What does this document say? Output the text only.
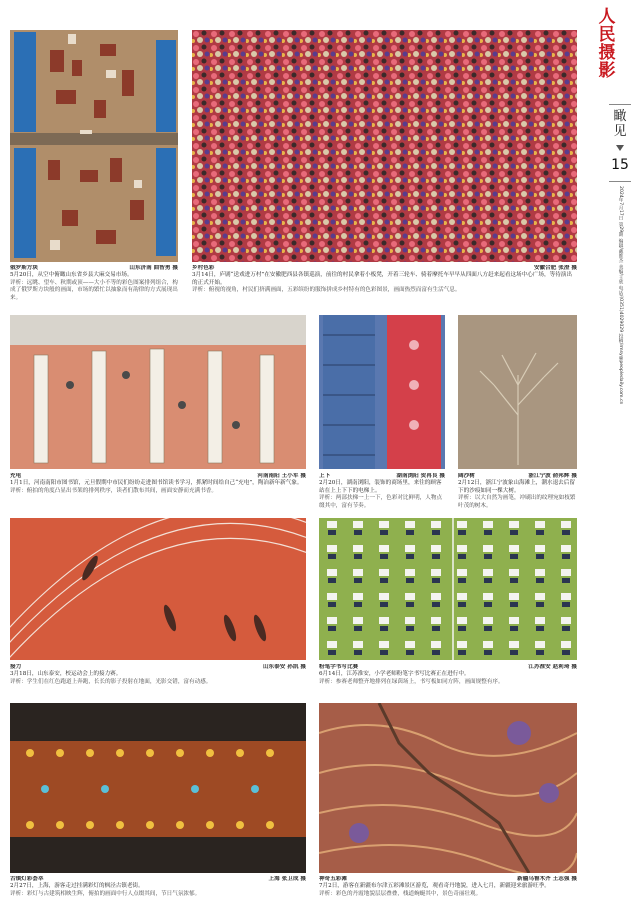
人
民
摄
影
瞰见
15
2024年7月17日 第29期 编辑/戴维杰 美编/王欣 电话/(0351)4029029 投稿/rmsy@peopledaily.com.cn
俄罗斯方块	山东济南 曲智勇 摄

5月20日，从空中俯瞰山东省乡县大麻交易市场。

评析：远眺、望车、秋期或顶——大小不等的彩色图案排列组合，构成了俄罗斯方块般的画面，市场的繁忙以抽象而有韵律的方式展现出来。

乡村色彩	安徽合肥 张澄 摄

3月14日，庐剧“送戏进万村”在安徽肥西县各镇巡演，前往的村民拿着小板凳，开着三轮车、骑着摩托车早早从四面八方赶来起看这场中心广场，等待演出的正式开始。

评析：俯视的视角，村民们挤满画面，五彩缤纷的服饰拼成乡村特有的色彩图景，画面热烈而富有生活气息。

充电	河南南阳 王小军 摄

1月1日，河南南阳市图书馆，元旦假期中市民们纷纷走进图书馆读书学习，抓紧时间给自己“充电”，陶冶新年新气象。

评析：俯拍的角度凸显出书架的排列秩序，读者们散布其间，画面安静而充满书香。

上下	湖南浏阳 贺再良 摄

2月20日，湖南浏阳，装饰的商场里，来往的顾客站在上上下下的电梯上。

评析：两部扶梯一上一下，色彩对比鲜明，人物点缀其中，富有节奏。

阔沙树	浙江宁波 俞邦辉 摄

2月12日，浙江宁波象山海滩上，潮水退去后留下的沙痕如同一棵大树。

评析：以大自然为画笔，冲刷出的纹理宛如枝繁叶茂的树木。

接力	山东泰安 孙凯 摄

3月18日，山东泰安，校运动会上的接力赛。

评析：学生们在红色跑道上奔跑，长长的影子投射在地面，光影交错，富有动感。

粉笔字书写比赛	江苏淮安 赵莉琦 摄

6月14日，江苏淮安，小学老师粉笔字书写比赛正在进行中。

评析：参赛老师整齐地排列在绿茵场上，书写板如同方阵，画面规整有序。

古镇灯彩荟萃	上海 张卫成 摄

2月27日，上海，游客走过挂满彩灯的枫泾古镇老街。

评析：彩灯与古建筑相映生辉，俯拍的画面中行人点缀其间，节日气氛浓郁。

神奇五彩滩	新疆乌鲁木齐 王志强 摄

7月2日，游客在新疆布尔津五彩滩景区游览，观看奇丹地貌，进入七月，新疆迎来旅游旺季。

评析：彩色的丹霞地貌层层叠叠，栈道蜿蜒其中，景色奇丽壮观。
